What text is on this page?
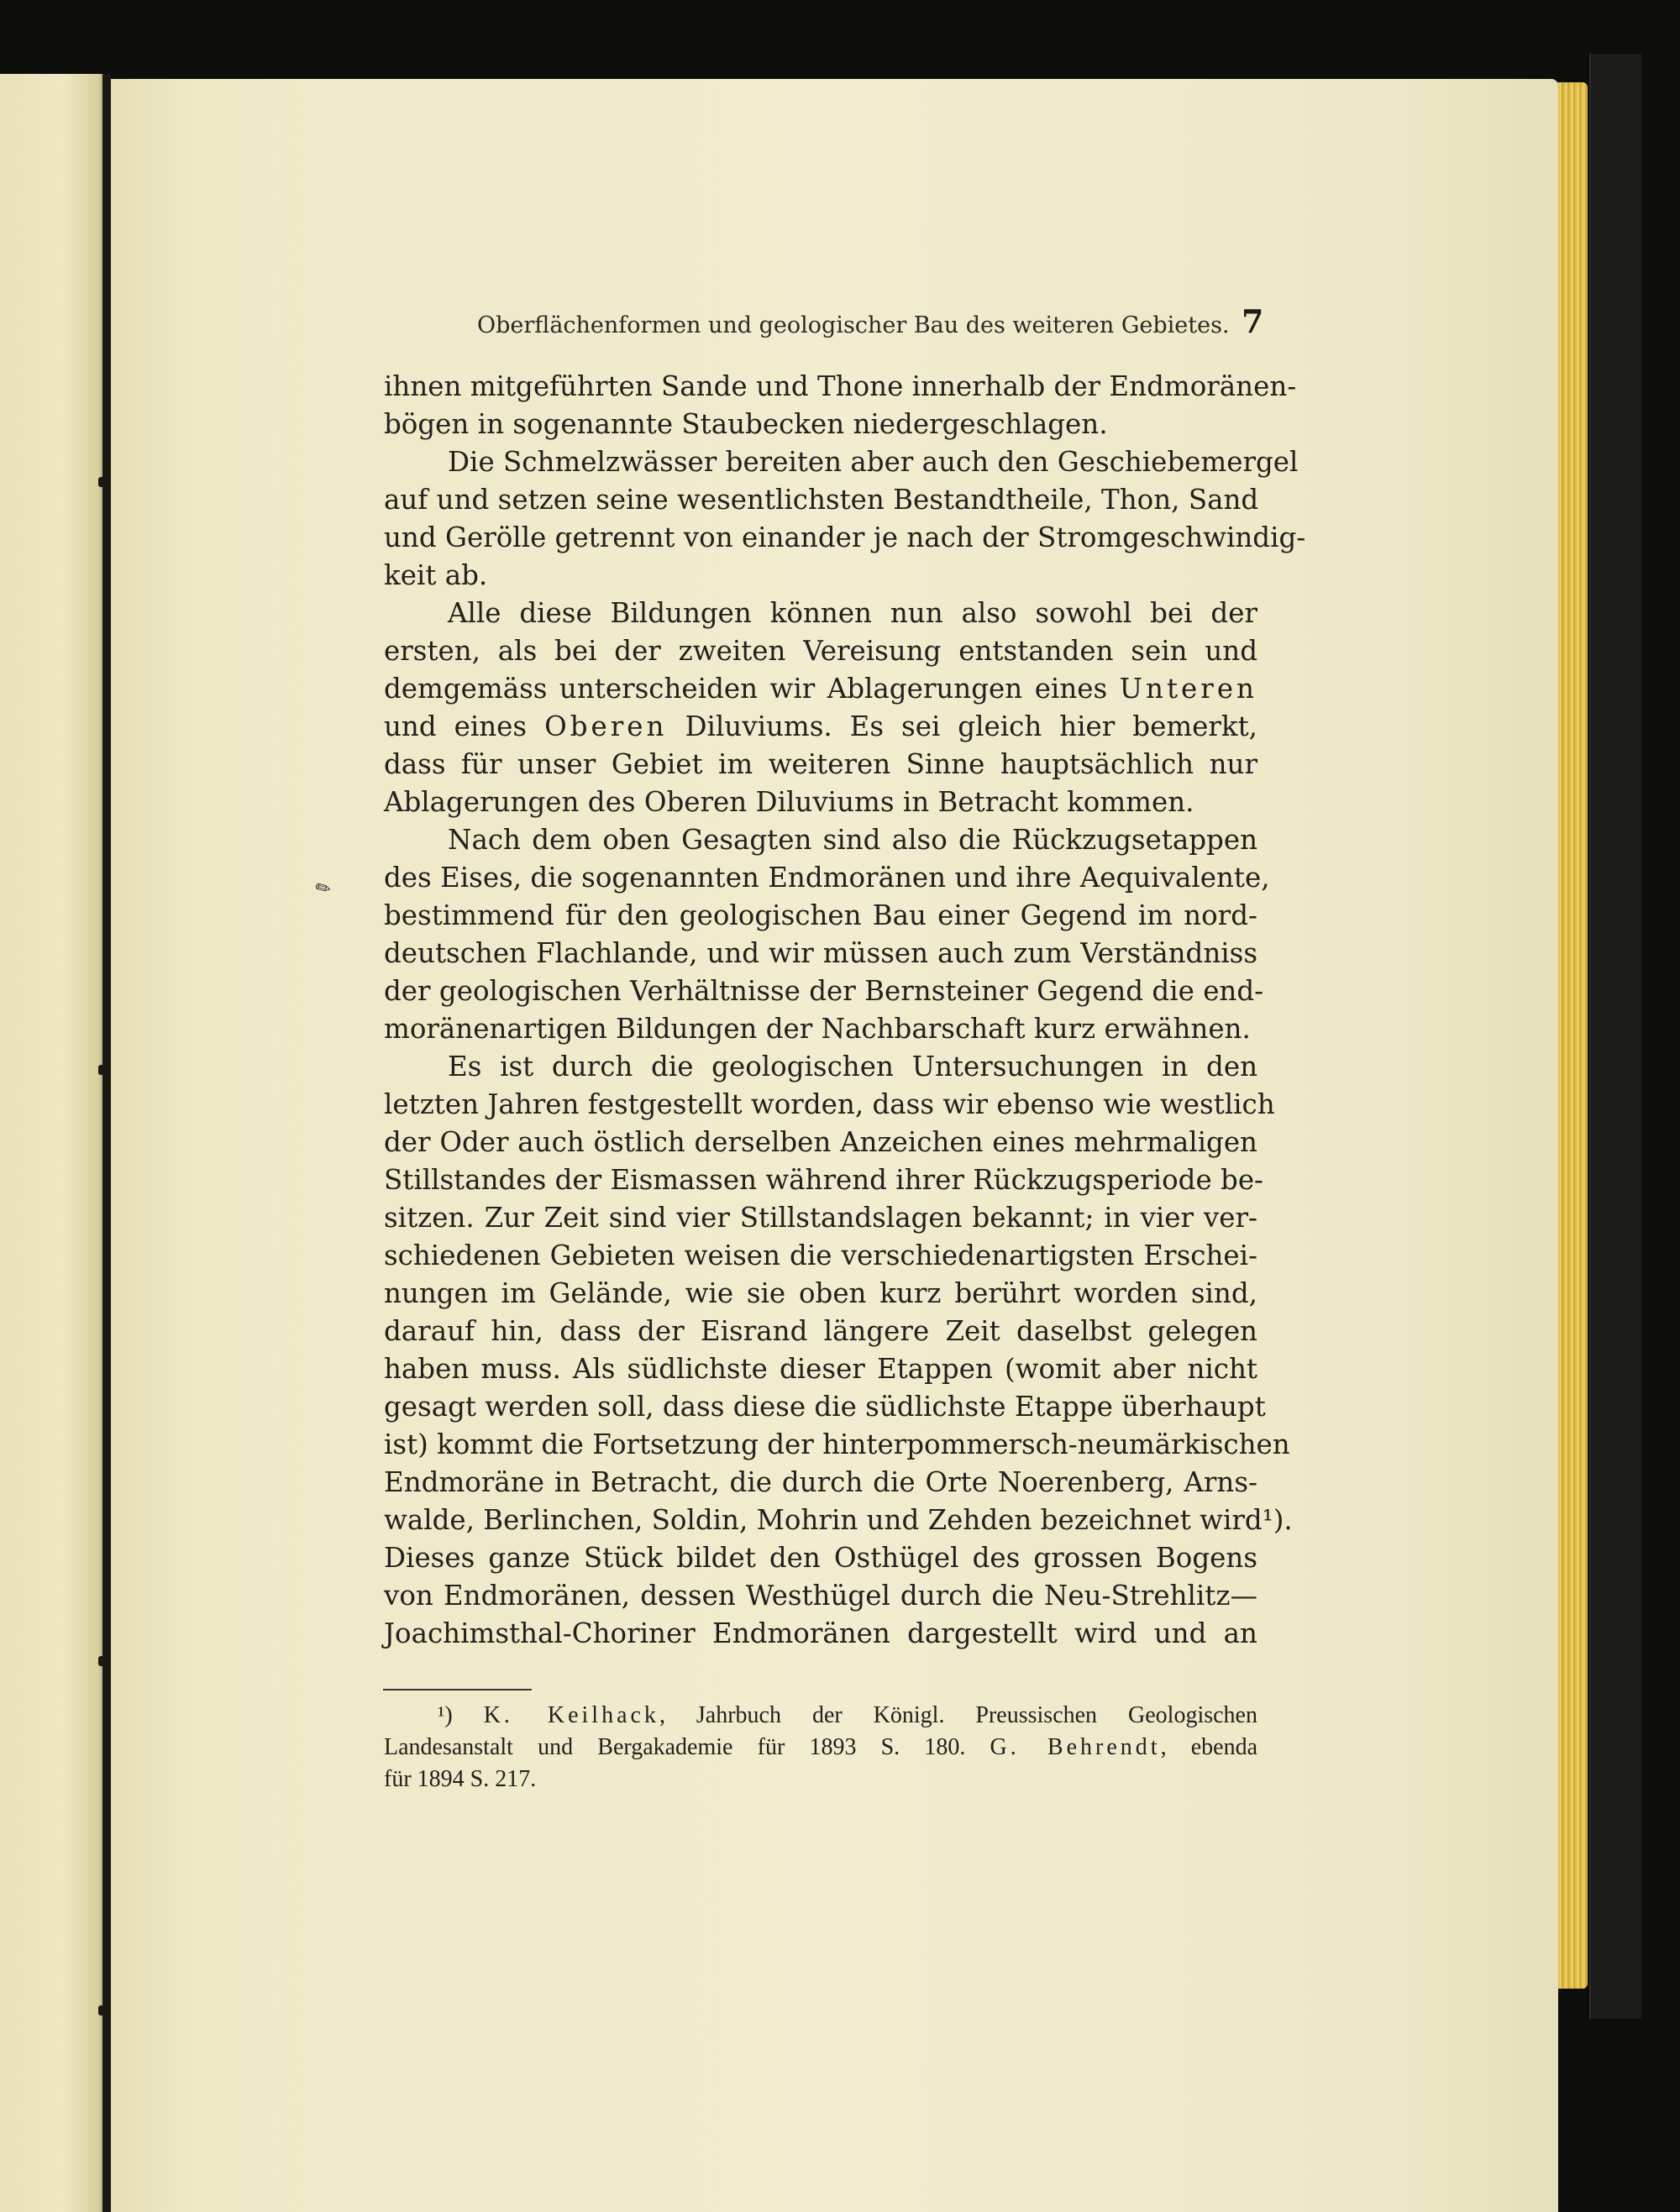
Oberflächenformen und geologischer Bau des weiteren Gebietes. 7
✎
ihnen mitgeführten Sande und Thone innerhalb der Endmoränen-
bögen in sogenannte Staubecken niedergeschlagen.
Die Schmelzwässer bereiten aber auch den Geschiebemergel
auf und setzen seine wesentlichsten Bestandtheile, Thon, Sand
und Gerölle getrennt von einander je nach der Stromgeschwindig-
keit ab.
Alle diese Bildungen können nun also sowohl bei der
ersten, als bei der zweiten Vereisung entstanden sein und
demgemäss unterscheiden wir Ablagerungen eines Unteren
und eines Oberen Diluviums. Es sei gleich hier bemerkt,
dass für unser Gebiet im weiteren Sinne hauptsächlich nur
Ablagerungen des Oberen Diluviums in Betracht kommen.
Nach dem oben Gesagten sind also die Rückzugsetappen
des Eises, die sogenannten Endmoränen und ihre Aequivalente,
bestimmend für den geologischen Bau einer Gegend im nord-
deutschen Flachlande, und wir müssen auch zum Verständniss
der geologischen Verhältnisse der Bernsteiner Gegend die end-
moränenartigen Bildungen der Nachbarschaft kurz erwähnen.
Es ist durch die geologischen Untersuchungen in den
letzten Jahren festgestellt worden, dass wir ebenso wie westlich
der Oder auch östlich derselben Anzeichen eines mehrmaligen
Stillstandes der Eismassen während ihrer Rückzugsperiode be-
sitzen. Zur Zeit sind vier Stillstandslagen bekannt; in vier ver-
schiedenen Gebieten weisen die verschiedenartigsten Erschei-
nungen im Gelände, wie sie oben kurz berührt worden sind,
darauf hin, dass der Eisrand längere Zeit daselbst gelegen
haben muss. Als südlichste dieser Etappen (womit aber nicht
gesagt werden soll, dass diese die südlichste Etappe überhaupt
ist) kommt die Fortsetzung der hinterpommersch-neumärkischen
Endmoräne in Betracht, die durch die Orte Noerenberg, Arns-
walde, Berlinchen, Soldin, Mohrin und Zehden bezeichnet wird¹).
Dieses ganze Stück bildet den Osthügel des grossen Bogens
von Endmoränen, dessen Westhügel durch die Neu-Strehlitz—
Joachimsthal-Choriner Endmoränen dargestellt wird und an
¹) K. Keilhack, Jahrbuch der Königl. Preussischen Geologischen
Landesanstalt und Bergakademie für 1893 S. 180. G. Behrendt, ebenda
für 1894 S. 217.
